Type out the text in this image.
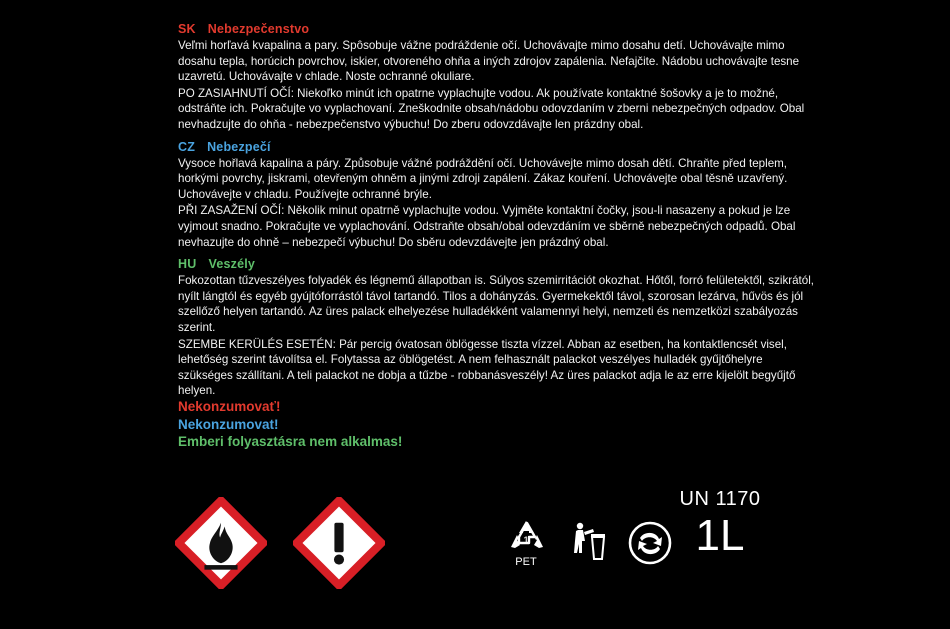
SK Nebezpečenstvo

Veľmi horľavá kvapalina a pary. Spôsobuje vážne podráždenie očí. Uchovávajte mimo dosahu detí. Uchovávajte mimo dosahu tepla, horúcich povrchov, iskier, otvoreného ohňa a iných zdrojov zapálenia. Nefajčite. Nádobu uchovávajte tesne uzavretú. Uchovávajte v chlade. Noste ochranné okuliare.

PO ZASIAHNUTÍ OČÍ: Niekoľko minút ich opatrne vyplachujte vodou. Ak používate kontaktné šošovky a je to možné, odstráňte ich. Pokračujte vo vyplachovaní. Zneškodnite obsah/nádobu odovzdaním v zberni nebezpečných odpadov. Obal nevhadzujte do ohňa - nebezpečenstvo výbuchu! Do zberu odovzdávajte len prázdny obal.

CZ Nebezpečí

Vysoce hořlavá kapalina a páry. Způsobuje vážné podráždění očí. Uchovávejte mimo dosah dětí. Chraňte před teplem, horkými povrchy, jiskrami, otevřeným ohněm a jinými zdroji zapálení. Zákaz kouření. Uchovávejte obal těsně uzavřený. Uchovávejte v chladu. Používejte ochranné brýle.

PŘI ZASAŽENÍ OČÍ: Několik minut opatrně vyplachujte vodou. Vyjměte kontaktní čočky, jsou-li nasazeny a pokud je lze vyjmout snadno. Pokračujte ve vyplachování. Odstraňte obsah/obal odevzdáním ve sběrně nebezpečných odpadů. Obal nevhazujte do ohně – nebezpečí výbuchu! Do sběru odevzdávejte jen prázdný obal.

HU Veszély

Fokozottan tűzveszélyes folyadék és légnemű állapotban is. Súlyos szemirritációt okozhat. Hőtől, forró felületektől, szikrától, nyílt lángtól és egyéb gyújtóforrástól távol tartandó. Tilos a dohányzás. Gyermekektől távol, szorosan lezárva, hűvös és jól szellőző helyen tartandó. Az üres palack elhelyezése hulladékként valamennyi helyi, nemzeti és nemzetközi szabályozás szerint.

SZEMBE KERÜLÉS ESETÉN: Pár percig óvatosan öblögesse tiszta vízzel. Abban az esetben, ha kontaktlencsét visel, lehetőség szerint távolítsa el. Folytassa az öblögetést. A nem felhasznált palackot veszélyes hulladék gyűjtőhelyre szükséges szállítani. A teli palackot ne dobja a tűzbe - robbanásveszély! Az üres palackot adja le az erre kijelölt begyűjtő helyen.

Nekonzumovať!

Nekonzumovat!

Emberi folyasztásra nem alkalmas!

1
PET

UN 1170

1L
